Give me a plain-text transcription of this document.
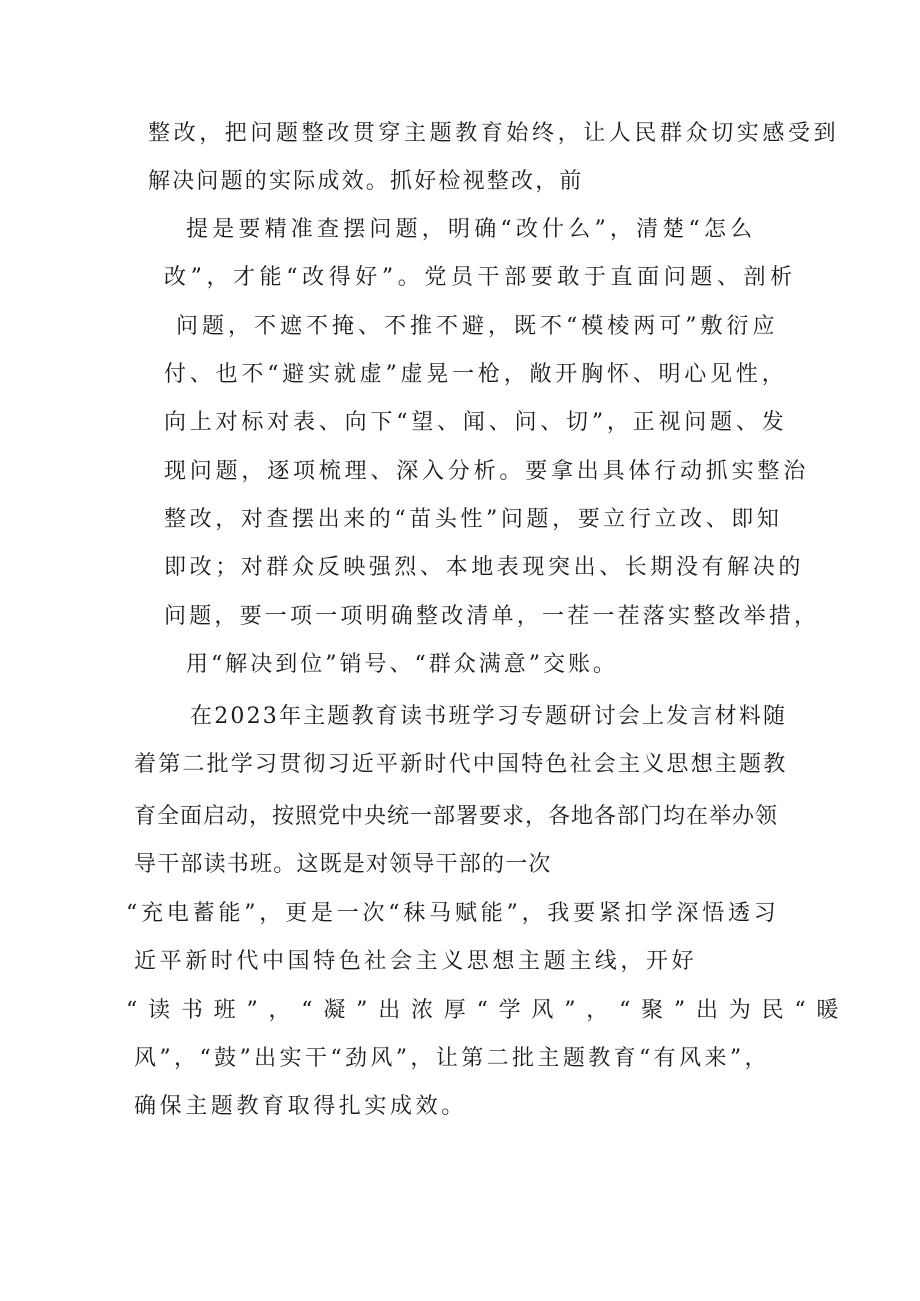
整改，把问题整改贯穿主题教育始终，让人民群众切实感受到
解决问题的实际成效。抓好检视整改，前
提是要精准查摆问题，明确“改什么”，清楚“怎么
改”，才能“改得好”。党员干部要敢于直面问题、剖析
问题，不遮不掩、不推不避，既不“模棱两可”敷衍应
付、也不“避实就虚”虚晃一枪，敞开胸怀、明心见性，
向上对标对表、向下“望、闻、问、切”，正视问题、发
现问题，逐项梳理、深入分析。要拿出具体行动抓实整治
整改，对查摆出来的“苗头性”问题，要立行立改、即知
即改；对群众反映强烈、本地表现突出、长期没有解决的
问题，要一项一项明确整改清单，一茬一茬落实整改举措，
用“解决到位”销号、“群众满意”交账。
在2023年主题教育读书班学习专题研讨会上发言材料随
着第二批学习贯彻习近平新时代中国特色社会主义思想主题教
育全面启动，按照党中央统一部署要求，各地各部门均在举办领
导干部读书班。这既是对领导干部的一次
“充电蓄能”，更是一次“秣马赋能”，我要紧扣学深悟透习
近平新时代中国特色社会主义思想主题主线，开好
“读书班”，“凝”出浓厚“学风”，“聚”出为民“暖
风”，“鼓”出实干“劲风”，让第二批主题教育“有风来”，
确保主题教育取得扎实成效。
